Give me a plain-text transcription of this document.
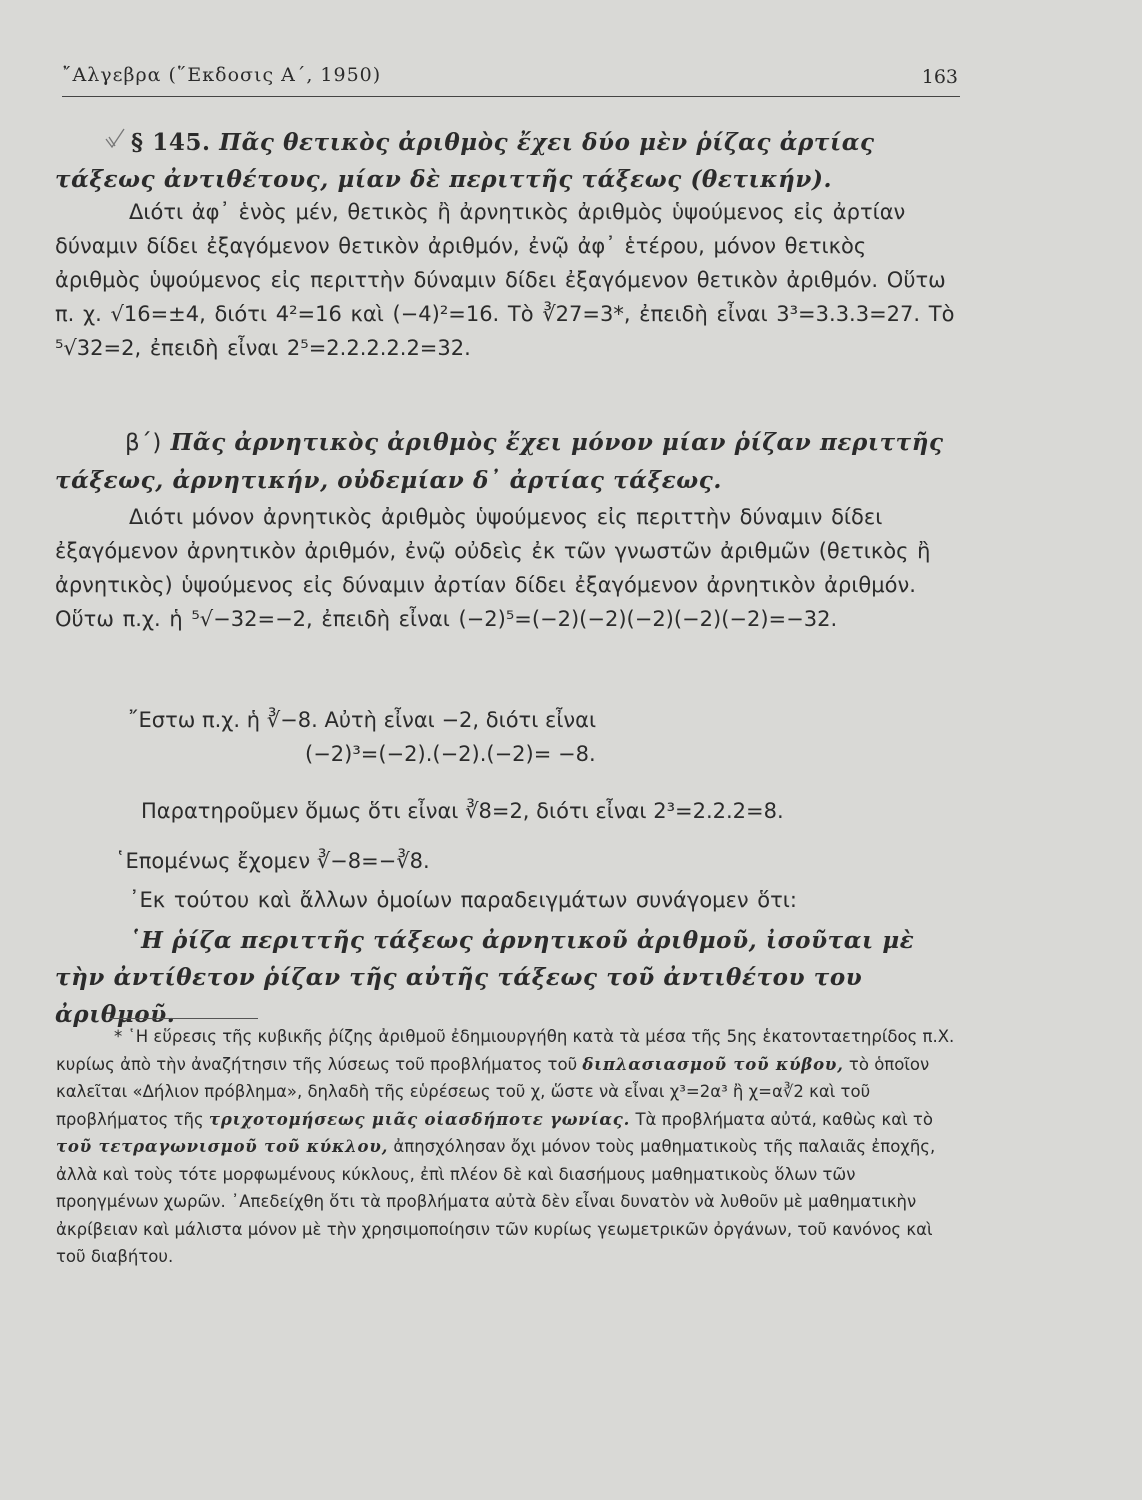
῎Αλγεβρα (῞Εκδοσις Α΄, 1950)	163

§ 145. Πᾶς θετικὸς ἀριθμὸς ἔχει δύο μὲν ῥίζας ἀρτίας τάξεως ἀντιθέτους, μίαν δὲ περιττῆς τάξεως (θετικήν).

Διότι ἀφ᾽ ἑνὸς μέν, θετικὸς ἢ ἀρνητικὸς ἀριθμὸς ὑψούμενος εἰς ἀρτίαν δύναμιν δίδει ἐξαγόμενον θετικὸν ἀριθμόν, ἐνῷ ἀφ᾽ ἑτέρου, μόνον θετικὸς ἀριθμὸς ὑψούμενος εἰς περιττὴν δύναμιν δίδει ἐξαγόμενον θετικὸν ἀριθμόν. Οὕτω π. χ. √16=±4, διότι 4²=16 καὶ (−4)²=16. Τὸ ∛27=3*, ἐπειδὴ εἶναι 3³=3.3.3=27. Τὸ ⁵√32=2, ἐπειδὴ εἶναι 2⁵=2.2.2.2.2=32.

β΄) Πᾶς ἀρνητικὸς ἀριθμὸς ἔχει μόνον μίαν ῥίζαν περιττῆς τάξεως, ἀρνητικήν, οὐδεμίαν δ᾽ ἀρτίας τάξεως.

Διότι μόνον ἀρνητικὸς ἀριθμὸς ὑψούμενος εἰς περιττὴν δύναμιν δίδει ἐξαγόμενον ἀρνητικὸν ἀριθμόν, ἐνῷ οὐδεὶς ἐκ τῶν γνωστῶν ἀριθμῶν (θετικὸς ἢ ἀρνητικὸς) ὑψούμενος εἰς δύναμιν ἀρτίαν δίδει ἐξαγόμενον ἀρνητικὸν ἀριθμόν. Οὕτω π.χ. ἡ ⁵√−32=−2, ἐπειδὴ εἶναι (−2)⁵=(−2)(−2)(−2)(−2)(−2)=−32.

῎Εστω π.χ. ἡ ∛−8. Αὐτὴ εἶναι −2, διότι εἶναι
(−2)³=(−2).(−2).(−2)= −8.
Παρατηροῦμεν ὅμως ὅτι εἶναι ∛8=2, διότι εἶναι 2³=2.2.2=8.
῾Επομένως ἔχομεν ∛−8=−∛8.

᾿Εκ τούτου καὶ ἄλλων ὁμοίων παραδειγμάτων συνάγομεν ὅτι:

῾Η ῥίζα περιττῆς τάξεως ἀρνητικοῦ ἀριθμοῦ, ἰσοῦται μὲ τὴν ἀντίθετον ῥίζαν τῆς αὐτῆς τάξεως τοῦ ἀντιθέτου του ἀριθμοῦ.

* ῾Η εὕρεσις τῆς κυβικῆς ῥίζης ἀριθμοῦ ἐδημιουργήθη κατὰ τὰ μέσα τῆς 5ης ἑκατονταετηρίδος π.Χ. κυρίως ἀπὸ τὴν ἀναζήτησιν τῆς λύσεως τοῦ προβλήματος τοῦ διπλασιασμοῦ τοῦ κύβου, τὸ ὁποῖον καλεῖται «Δήλιον πρόβλημα», δηλαδὴ τῆς εὑρέσεως τοῦ χ, ὥστε νὰ εἶναι χ³=2α³ ἢ χ=α∛2 καὶ τοῦ προβλήματος τῆς τριχοτομήσεως μιᾶς οἱασδήποτε γωνίας. Τὰ προβλήματα αὐτά, καθὼς καὶ τὸ τοῦ τετραγωνισμοῦ τοῦ κύκλου, ἀπησχόλησαν ὄχι μόνον τοὺς μαθηματικοὺς τῆς παλαιᾶς ἐποχῆς, ἀλλὰ καὶ τοὺς τότε μορφωμένους κύκλους, ἐπὶ πλέον δὲ καὶ διασήμους μαθηματικοὺς ὅλων τῶν προηγμένων χωρῶν. ᾿Απεδείχθη ὅτι τὰ προβλήματα αὐτὰ δὲν εἶναι δυνατὸν νὰ λυθοῦν μὲ μαθηματικὴν ἀκρίβειαν καὶ μάλιστα μόνον μὲ τὴν χρησιμοποίησιν τῶν κυρίως γεωμετρικῶν ὀργάνων, τοῦ κανόνος καὶ τοῦ διαβήτου.
